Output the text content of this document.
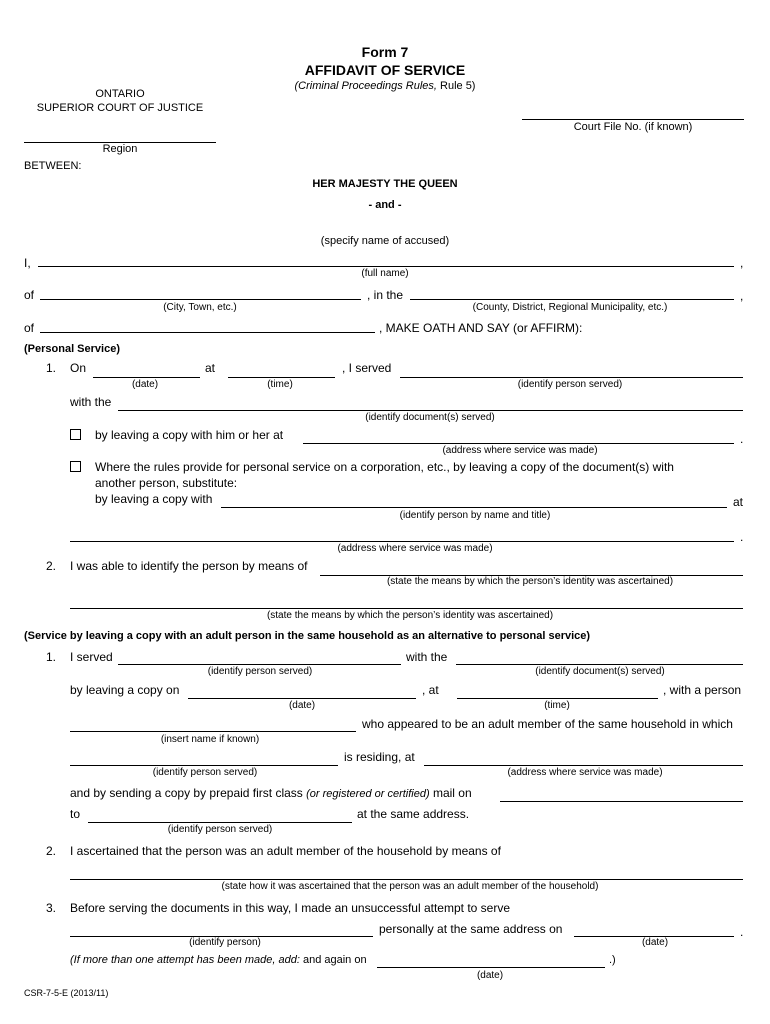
Form 7
AFFIDAVIT OF SERVICE
(Criminal Proceedings Rules, Rule 5)
ONTARIO
SUPERIOR COURT OF JUSTICE
Court File No. (if known)
Region
BETWEEN:
HER MAJESTY THE QUEEN
- and -
(specify name of accused)
I,	,
(full name)
of	, in the	,
(City, Town, etc.)	(County, District, Regional Municipality, etc.)
of	, MAKE OATH AND SAY (or AFFIRM):
(Personal Service)
1. On	at	, I served
(date)	(time)	(identify person served)
with the
(identify document(s) served)
by leaving a copy with him or her at	.
(address where service was made)
Where the rules provide for personal service on a corporation, etc., by leaving a copy of the document(s) with
another person, substitute:
by leaving a copy with	at
(identify person by name and title)
.
(address where service was made)
2. I was able to identify the person by means of
(state the means by which the person’s identity was ascertained)
(state the means by which the person’s identity was ascertained)
(Service by leaving a copy with an adult person in the same household as an alternative to personal service)
1. I served	with the
(identify person served)	(identify document(s) served)
by leaving a copy on	, at	, with a person
(date)	(time)
who appeared to be an adult member of the same household in which
(insert name if known)
is residing, at
(identify person served)	(address where service was made)
and by sending a copy by prepaid first class (or registered or certified) mail on
to	at the same address.
(identify person served)
2. I ascertained that the person was an adult member of the household by means of
(state how it was ascertained that the person was an adult member of the household)
3. Before serving the documents in this way, I made an unsuccessful attempt to serve
personally at the same address on	.
(identify person)	(date)
(If more than one attempt has been made, add: and again on	.)
(date)
CSR-7-5-E (2013/11)
